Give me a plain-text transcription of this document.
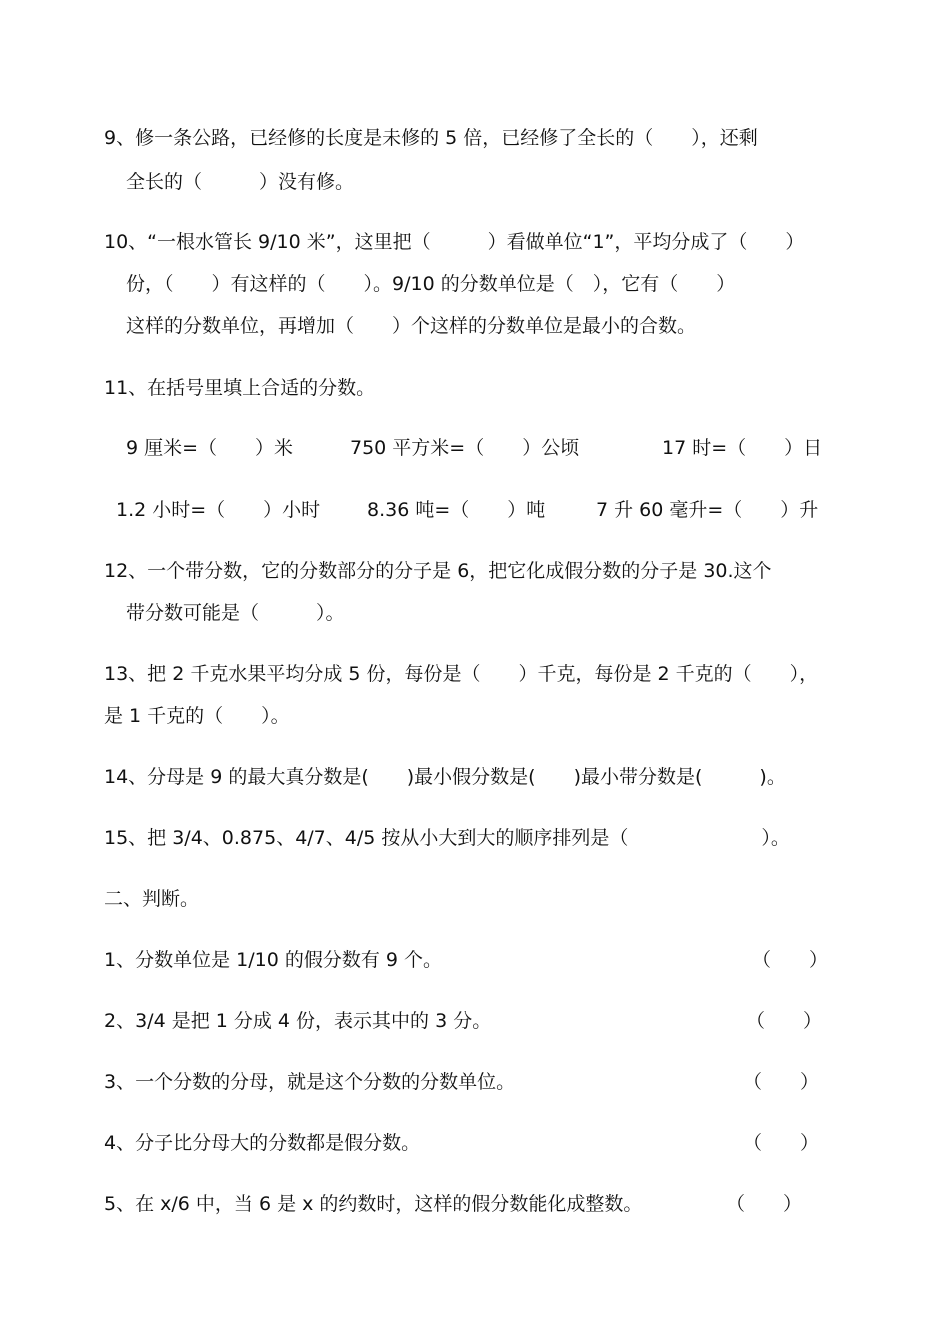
9、修一条公路，已经修的长度是未修的 5 倍，已经修了全长的（　　），还剩
全长的（　　　）没有修。
10、“一根水管长 9/10 米”，这里把（　　　）看做单位“1”，平均分成了（　　）
份，（　　）有这样的（　　）。9/10 的分数单位是（　），它有（　　）
这样的分数单位，再增加（　　）个这样的分数单位是最小的合数。
11、在括号里填上合适的分数。
9 厘米=（　　）米	750 平方米=（　　）公顷	17 时=（　　）日
1.2 小时=（　　）小时 8.36 吨=（　　）吨	7 升 60 毫升=（　　）升
12、一个带分数，它的分数部分的分子是 6，把它化成假分数的分子是 30.这个
带分数可能是（　　　）。
13、把 2 千克水果平均分成 5 份，每份是（　　）千克，每份是 2 千克的（　　），
是 1 千克的（　　）。
14、分母是 9 的最大真分数是(　　)最小假分数是(　　)最小带分数是(　　　)。
15、把 3/4、0.875、4/7、4/5 按从小大到大的顺序排列是（　　　　　　　）。
二、判断。
1、分数单位是 1/10 的假分数有 9 个。	（　　）
2、3/4 是把 1 分成 4 份，表示其中的 3 分。	（　　）
3、一个分数的分母，就是这个分数的分数单位。	（　　）
4、分子比分母大的分数都是假分数。	（　　）
5、在 x/6 中，当 6 是 x 的约数时，这样的假分数能化成整数。	（　　）
